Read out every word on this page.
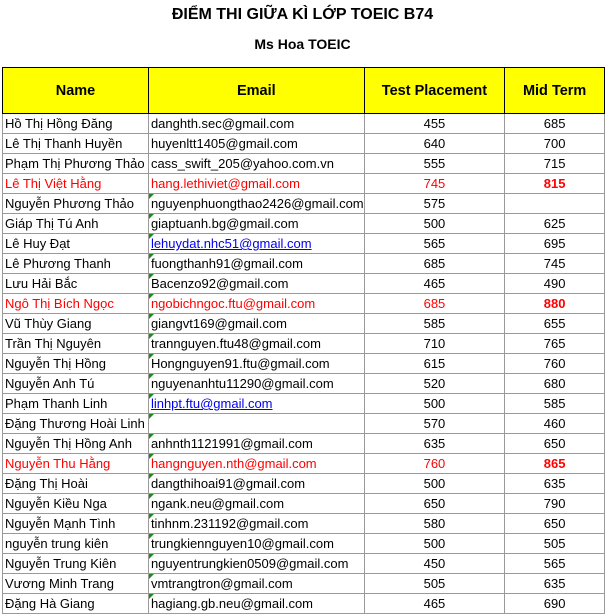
ĐIỂM THI GIỮA KÌ LỚP TOEIC B74
Ms Hoa TOEIC
Name	Email	Test Placement	Mid Term
Hồ Thị Hồng Đăng	danghth.sec@gmail.com	455	685
Lê Thị Thanh Huyền	huyenltt1405@gmail.com	640	700
Phạm Thị Phương Thảo	cass_swift_205@yahoo.com.vn	555	715
Lê Thị Việt Hằng	hang.lethiviet@gmail.com	745	815
Nguyễn Phương Thảo	nguyenphuongthao2426@gmail.com	575	
Giáp Thị Tú Anh	giaptuanh.bg@gmail.com	500	625
Lê Huy Đạt	lehuydat.nhc51@gmail.com	565	695
Lê Phương Thanh	fuongthanh91@gmail.com	685	745
Lưu Hải Bắc	Bacenzo92@gmail.com	465	490
Ngô Thị Bích Ngọc	ngobichngoc.ftu@gmail.com	685	880
Vũ Thùy Giang	giangvt169@gmail.com	585	655
Trần Thị Nguyên	trannguyen.ftu48@gmail.com	710	765
Nguyễn Thị Hồng	Hongnguyen91.ftu@gmail.com	615	760
Nguyễn Anh Tú	nguyenanhtu11290@gmail.com	520	680
Phạm Thanh Linh	linhpt.ftu@gmail.com	500	585
Đặng Thương Hoài Linh		570	460
Nguyễn Thị Hồng Anh	anhnth1121991@gmail.com	635	650
Nguyễn Thu Hằng	hangnguyen.nth@gmail.com	760	865
Đặng Thị Hoài	dangthihoai91@gmail.com	500	635
Nguyễn Kiều Nga	ngank.neu@gmail.com	650	790
Nguyễn Mạnh Tình	tinhnm.231192@gmail.com	580	650
nguyễn trung kiên	trungkiennguyen10@gmail.com	500	505
Nguyễn Trung Kiên	nguyentrungkien0509@gmail.com	450	565
Vương Minh Trang	vmtrangtron@gmail.com	505	635
Đặng Hà Giang	hagiang.gb.neu@gmail.com	465	690
